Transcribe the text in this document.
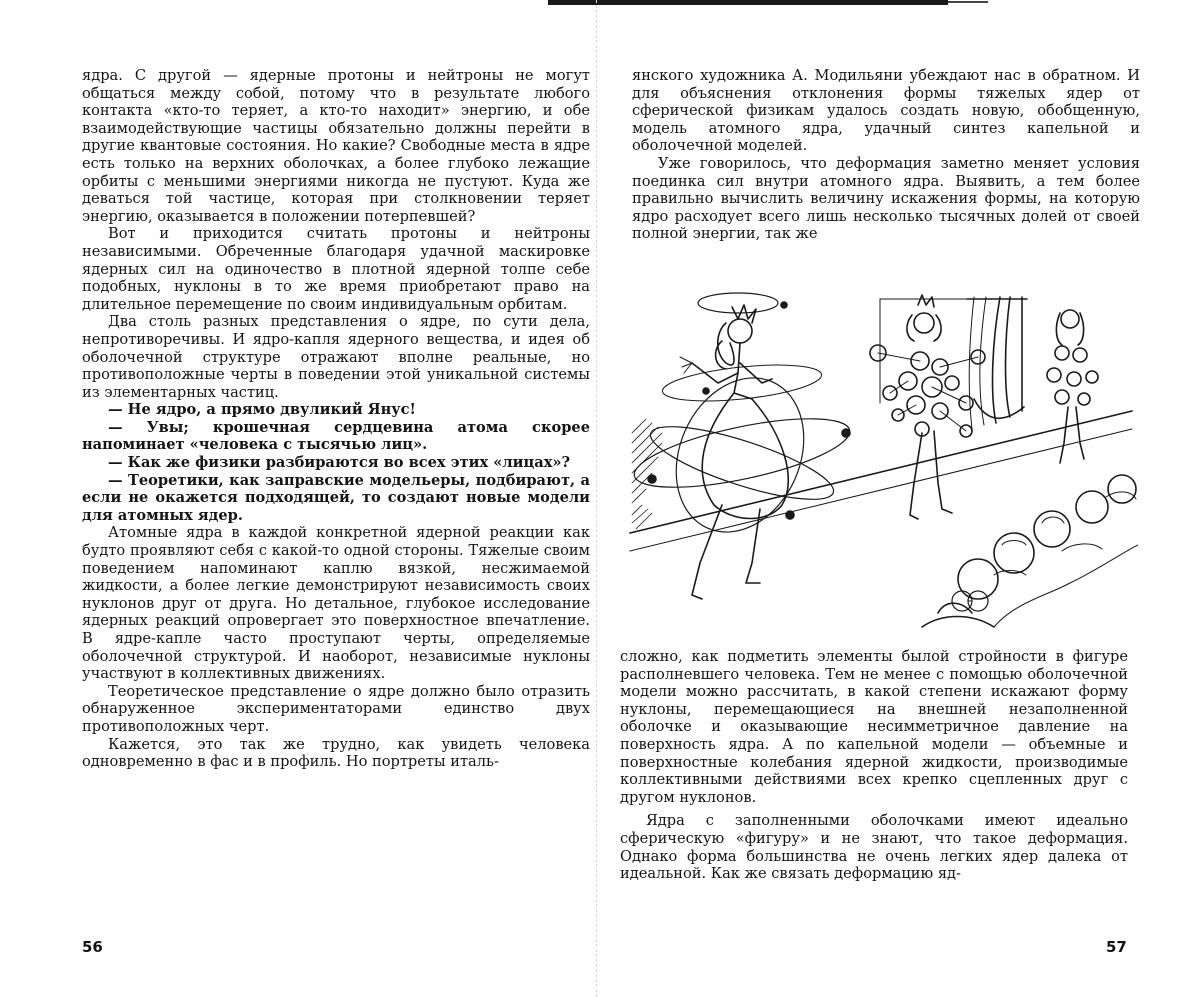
ядра. С другой — ядерные протоны и нейтроны не могут общаться между собой, потому что в результате любого контакта «кто-то теряет, а кто-то находит» энергию, и обе взаимодействующие частицы обязательно должны перейти в другие квантовые состояния. Но какие? Свободные места в ядре есть только на верхних оболочках, а более глубоко лежащие орбиты с меньшими энергиями никогда не пустуют. Куда же деваться той частице, которая при столкновении теряет энергию, оказывается в положении потерпевшей?

Вот и приходится считать протоны и нейтроны независимыми. Обреченные благодаря удачной маскировке ядерных сил на одиночество в плотной ядерной толпе себе подобных, нуклоны в то же время приобретают право на длительное перемещение по своим индивидуальным орбитам.

Два столь разных представления о ядре, по сути дела, непротиворечивы. И ядро-капля ядерного вещества, и идея об оболочечной структуре отражают вполне реальные, но противоположные черты в поведении этой уникальной системы из элементарных частиц.

— Не ядро, а прямо двуликий Янус!

— Увы; крошечная сердцевина атома скорее напоминает «человека с тысячью лиц».

— Как же физики разбираются во всех этих «лицах»?

— Теоретики, как заправские модельеры, подбирают, а если не окажется подходящей, то создают новые модели для атомных ядер.

Атомные ядра в каждой конкретной ядерной реакции как будто проявляют себя с какой-то одной стороны. Тяжелые своим поведением напоминают каплю вязкой, несжимаемой жидкости, а более легкие демонстрируют независимость своих нуклонов друг от друга. Но детальное, глубокое исследование ядерных реакций опровергает это поверхностное впечатление. В ядре-капле часто проступают черты, определяемые оболочечной структурой. И наоборот, независимые нуклоны участвуют в коллективных движениях.

Теоретическое представление о ядре должно было отразить обнаруженное экспериментаторами единство двух противоположных черт.

Кажется, это так же трудно, как увидеть человека одновременно в фас и в профиль. Но портреты италь-

56

янского художника А. Модильяни убеждают нас в обратном. И для объяснения отклонения формы тяжелых ядер от сферической физикам удалось создать новую, обобщенную, модель атомного ядра, удачный синтез капельной и оболочечной моделей.

Уже говорилось, что деформация заметно меняет условия поединка сил внутри атомного ядра. Выявить, а тем более правильно вычислить величину искажения формы, на которую ядро расходует всего лишь несколько тысячных долей от своей полной энергии, так же

сложно, как подметить элементы былой стройности в фигуре располневшего человека. Тем не менее с помощью оболочечной модели можно рассчитать, в какой степени искажают форму нуклоны, перемещающиеся на внешней незаполненной оболочке и оказывающие несимметричное давление на поверхность ядра. А по капельной модели — объемные и поверхностные колебания ядерной жидкости, производимые коллективными действиями всех крепко сцепленных друг с другом нуклонов.

Ядра с заполненными оболочками имеют идеально сферическую «фигуру» и не знают, что такое деформация. Однако форма большинства не очень легких ядер далека от идеальной. Как же связать деформацию яд-

57
